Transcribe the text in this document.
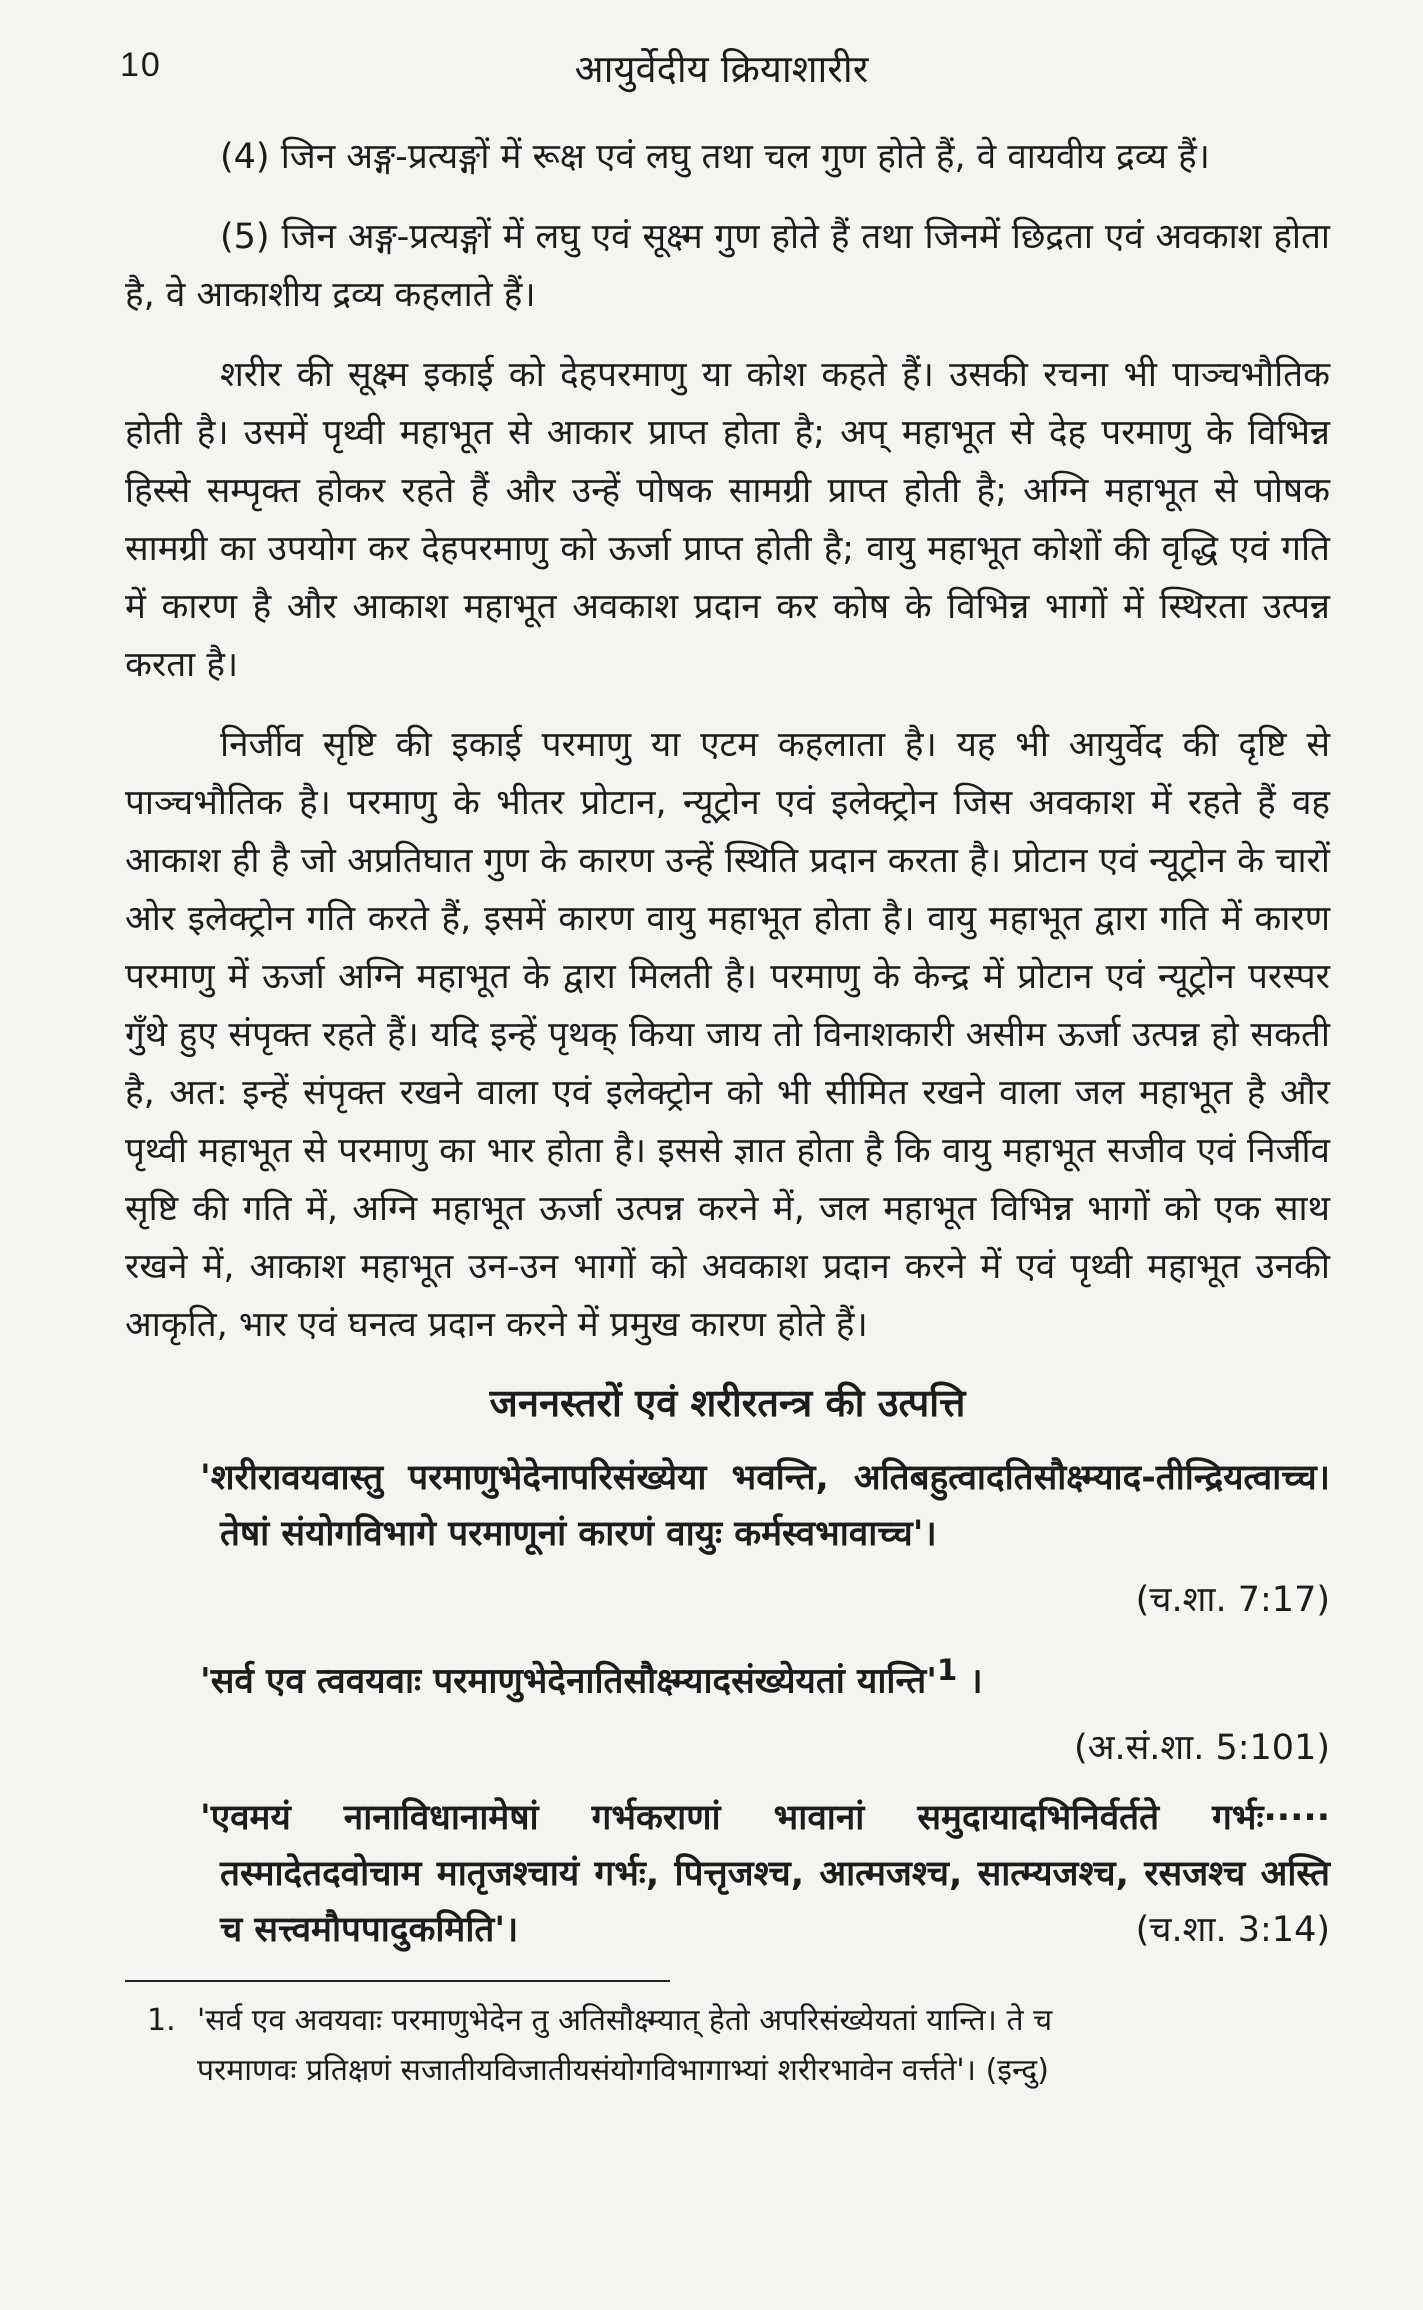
10	आयुर्वेदीय क्रियाशारीर

(4) जिन अङ्ग-प्रत्यङ्गों में रूक्ष एवं लघु तथा चल गुण होते हैं, वे वायवीय द्रव्य हैं।

(5) जिन अङ्ग-प्रत्यङ्गों में लघु एवं सूक्ष्म गुण होते हैं तथा जिनमें छिद्रता एवं अवकाश होता है, वे आकाशीय द्रव्य कहलाते हैं।

शरीर की सूक्ष्म इकाई को देहपरमाणु या कोश कहते हैं। उसकी रचना भी पाञ्चभौतिक होती है। उसमें पृथ्वी महाभूत से आकार प्राप्त होता है; अप् महाभूत से देह परमाणु के विभिन्न हिस्से सम्पृक्त होकर रहते हैं और उन्हें पोषक सामग्री प्राप्त होती है; अग्नि महाभूत से पोषक सामग्री का उपयोग कर देहपरमाणु को ऊर्जा प्राप्त होती है; वायु महाभूत कोशों की वृद्धि एवं गति में कारण है और आकाश महाभूत अवकाश प्रदान कर कोष के विभिन्न भागों में स्थिरता उत्पन्न करता है।

निर्जीव सृष्टि की इकाई परमाणु या एटम कहलाता है। यह भी आयुर्वेद की दृष्टि से पाञ्चभौतिक है। परमाणु के भीतर प्रोटान, न्यूट्रोन एवं इलेक्ट्रोन जिस अवकाश में रहते हैं वह आकाश ही है जो अप्रतिघात गुण के कारण उन्हें स्थिति प्रदान करता है। प्रोटान एवं न्यूट्रोन के चारों ओर इलेक्ट्रोन गति करते हैं, इसमें कारण वायु महाभूत होता है। वायु महाभूत द्वारा गति में कारण परमाणु में ऊर्जा अग्नि महाभूत के द्वारा मिलती है। परमाणु के केन्द्र में प्रोटान एवं न्यूट्रोन परस्पर गुँथे हुए संपृक्त रहते हैं। यदि इन्हें पृथक् किया जाय तो विनाशकारी असीम ऊर्जा उत्पन्न हो सकती है, अत: इन्हें संपृक्त रखने वाला एवं इलेक्ट्रोन को भी सीमित रखने वाला जल महाभूत है और पृथ्वी महाभूत से परमाणु का भार होता है। इससे ज्ञात होता है कि वायु महाभूत सजीव एवं निर्जीव सृष्टि की गति में, अग्नि महाभूत ऊर्जा उत्पन्न करने में, जल महाभूत विभिन्न भागों को एक साथ रखने में, आकाश महाभूत उन-उन भागों को अवकाश प्रदान करने में एवं पृथ्वी महाभूत उनकी आकृति, भार एवं घनत्व प्रदान करने में प्रमुख कारण होते हैं।

जननस्तरों एवं शरीरतन्त्र की उत्पत्ति
'शरीरावयवास्तु परमाणुभेदेनापरिसंख्येया भवन्ति, अतिबहुत्वादतिसौक्ष्म्याद-तीन्द्रियत्वाच्च। तेषां संयोगविभागे परमाणूनां कारणं वायुः कर्मस्वभावाच्च'।
(च.शा. 7:17)
'सर्व एव त्ववयवाः परमाणुभेदेनातिसौक्ष्म्यादसंख्येयतां $यान्ति'^1$ ।
(अ.सं.शा. 5:101)
'एवमयं नानाविधानामेषां गर्भकराणां भावानां समुदायादभिनिर्वर्तते गर्भः····· तस्मादेतदवोचाम मातृजश्चायं गर्भः, पित्तृजश्च, आत्मजश्च, सात्म्यजश्च, रसजश्च अस्ति च सत्त्वमौपपादुकमिति'।	(च.शा. 3:14)
1. 'सर्व एव अवयवाः परमाणुभेदेन तु अतिसौक्ष्म्यात् हेतो अपरिसंख्येयतां यान्ति। ते च
परमाणवः प्रतिक्षणं सजातीयविजातीयसंयोगविभागाभ्यां शरीरभावेन वर्त्तते'। (इन्दु)
